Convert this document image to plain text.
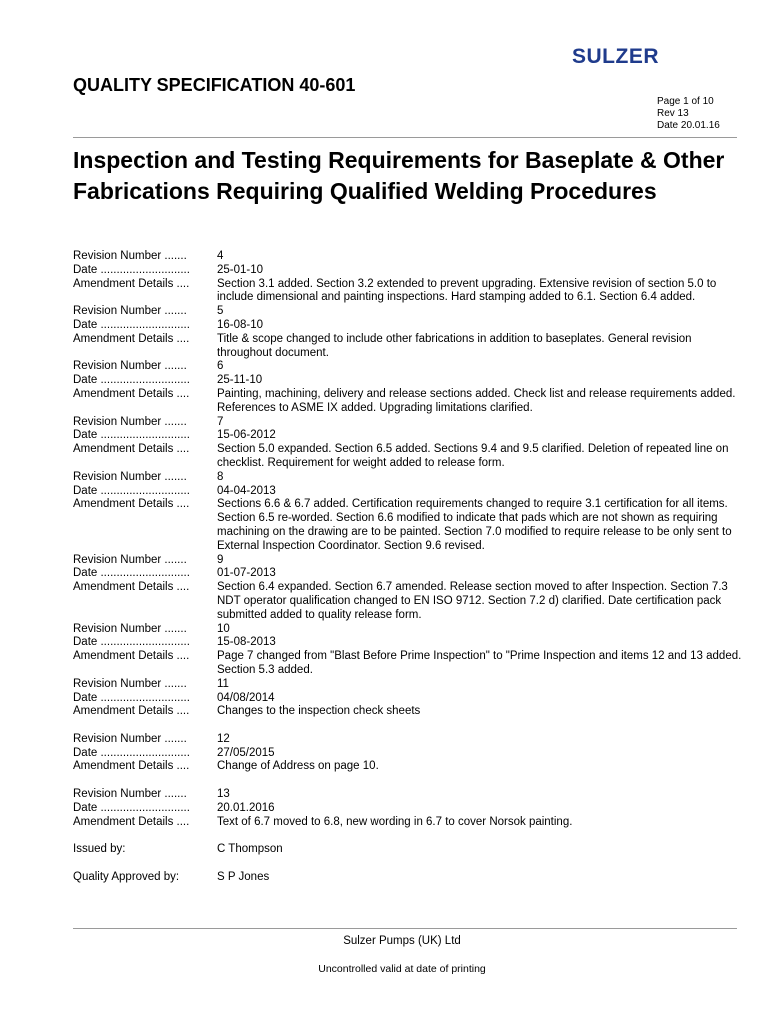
SULZER
QUALITY SPECIFICATION 40-601
Page 1 of 10
Rev 13
Date 20.01.16
Inspection and Testing Requirements for Baseplate & Other Fabrications Requiring Qualified Welding Procedures
Revision Number .......	4
Date ............................	25-01-10
Amendment Details ....	Section 3.1 added. Section 3.2 extended to prevent upgrading. Extensive revision of section 5.0 to include dimensional and painting inspections. Hard stamping added to 6.1. Section 6.4 added.
Revision Number .......	5
Date ............................	16-08-10
Amendment Details ....	Title & scope changed to include other fabrications in addition to baseplates. General revision throughout document.
Revision Number .......	6
Date ............................	25-11-10
Amendment Details ....	Painting, machining, delivery and release sections added. Check list and release requirements added. References to ASME IX added. Upgrading limitations clarified.
Revision Number .......	7
Date ............................	15-06-2012
Amendment Details ....	Section 5.0 expanded. Section 6.5 added. Sections 9.4 and 9.5 clarified. Deletion of repeated line on checklist. Requirement for weight added to release form.
Revision Number .......	8
Date ............................	04-04-2013
Amendment Details ....	Sections 6.6 & 6.7 added. Certification requirements changed to require 3.1 certification for all items. Section 6.5 re-worded. Section 6.6 modified to indicate that pads which are not shown as requiring machining on the drawing are to be painted. Section 7.0 modified to require release to be only sent to External Inspection Coordinator. Section 9.6 revised.
Revision Number .......	9
Date ............................	01-07-2013
Amendment Details ....	Section 6.4 expanded. Section 6.7 amended. Release section moved to after Inspection. Section 7.3 NDT operator qualification changed to EN ISO 9712. Section 7.2 d) clarified. Date certification pack submitted added to quality release form.
Revision Number .......	10
Date ............................	15-08-2013
Amendment Details ....	Page 7 changed from "Blast Before Prime Inspection" to "Prime Inspection and items 12 and 13 added. Section 5.3 added.
Revision Number .......	11
Date ............................	04/08/2014
Amendment Details ....	Changes to the inspection check sheets
Revision Number .......	12
Date ............................	27/05/2015
Amendment Details ....	Change of Address on page 10.
Revision Number .......	13
Date ............................	20.01.2016
Amendment Details ....	Text of 6.7 moved to 6.8, new wording in 6.7 to cover Norsok painting.
Issued by:	C Thompson
Quality Approved by:	S P Jones
Sulzer Pumps (UK) Ltd
Uncontrolled valid at date of printing
